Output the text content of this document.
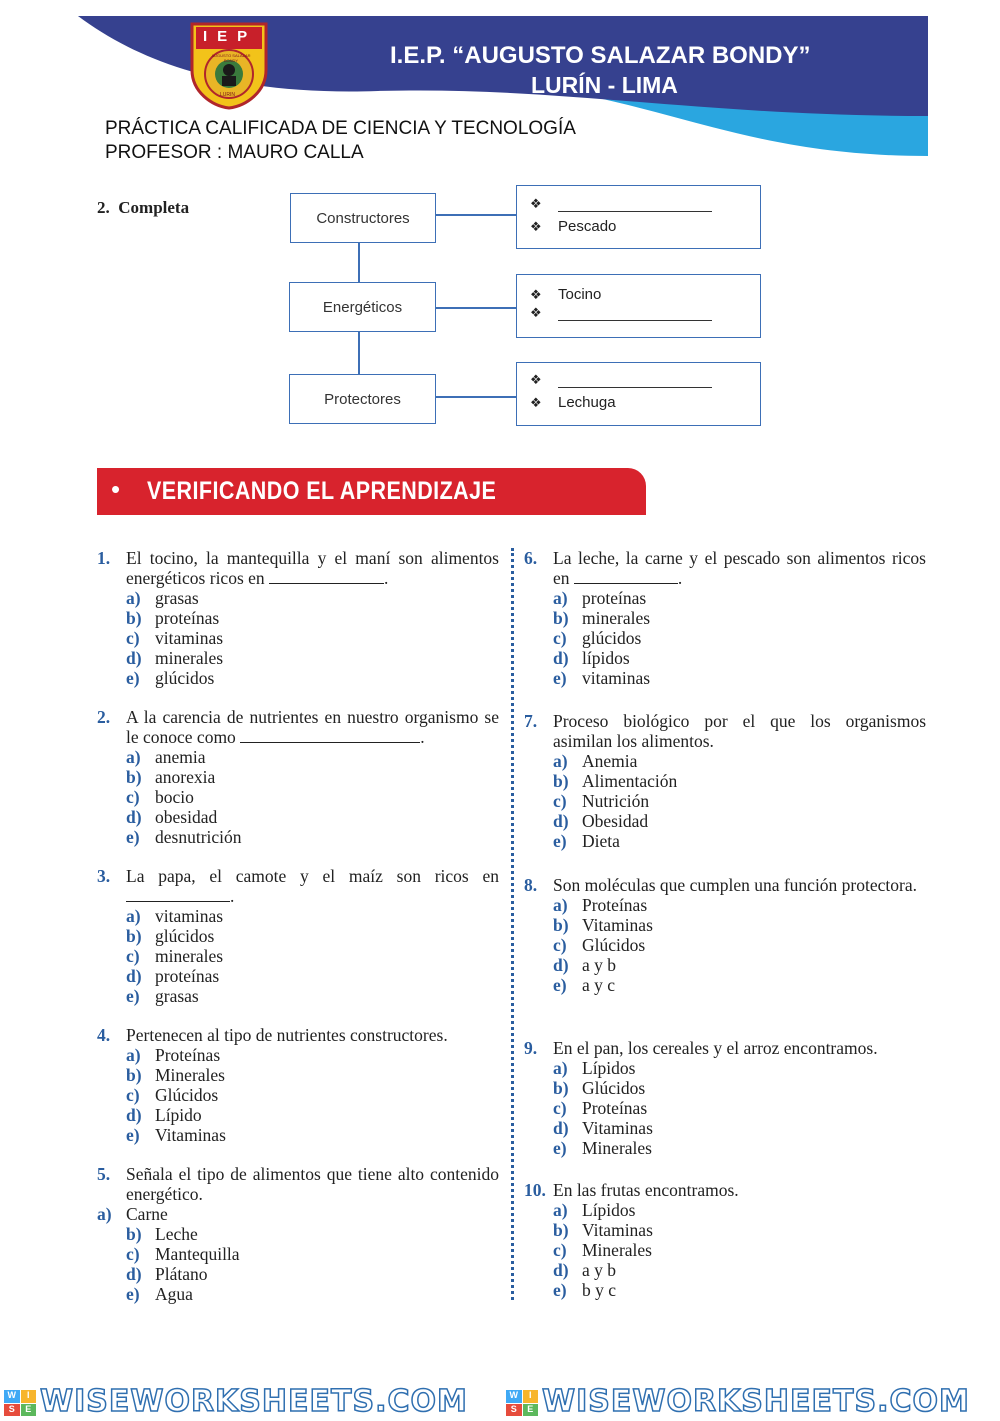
I.E.P. “AUGUSTO SALAZAR BONDY”
LURÍN - LIMA
IEP
AUGUSTO SALAZAR BONDY
LURIN
PRÁCTICA CALIFICADA DE CIENCIA Y TECNOLOGÍA
PROFESOR : MAURO CALLA
2. Completa
Constructores
Energéticos
Protectores
❖
❖	Pescado
❖	Tocino
❖
❖
❖	Lechuga
• VERIFICANDO EL APRENDIZAJE
1. El tocino, la mantequilla y el maní son alimentos energéticos ricos en	.
a) grasas
b) proteínas
c) vitaminas
d) minerales
e) glúcidos
2. A la carencia de nutrientes en nuestro organismo se le conoce como	.
a) anemia
b) anorexia
c) bocio
d) obesidad
e) desnutrición
3. La papa, el camote y el maíz son ricos en
.
a) vitaminas
b) glúcidos
c) minerales
d) proteínas
e) grasas
4. Pertenecen al tipo de nutrientes constructores.
a) Proteínas
b) Minerales
c) Glúcidos
d) Lípido
e) Vitaminas
5. Señala el tipo de alimentos que tiene alto contenido energético.
a) Carne
b) Leche
c) Mantequilla
d) Plátano
e) Agua
6. La leche, la carne y el pescado son alimentos ricos en	.
a) proteínas
b) minerales
c) glúcidos
d) lípidos
e) vitaminas
7. Proceso biológico por el que los organismos asimilan los alimentos.
a) Anemia
b) Alimentación
c) Nutrición
d) Obesidad
e) Dieta
8. Son moléculas que cumplen una función protectora.
a) Proteínas
b) Vitaminas
c) Glúcidos
d) a y b
e) a y c
9. En el pan, los cereales y el arroz encontramos.
a) Lípidos
b) Glúcidos
c) Proteínas
d) Vitaminas
e) Minerales
10. En las frutas encontramos.
a) Lípidos
b) Vitaminas
c) Minerales
d) a y b
e) b y c
W	I
S	E WISEWORKSHEETS.COM	W	I
S	E WISEWORKSHEETS.COM
